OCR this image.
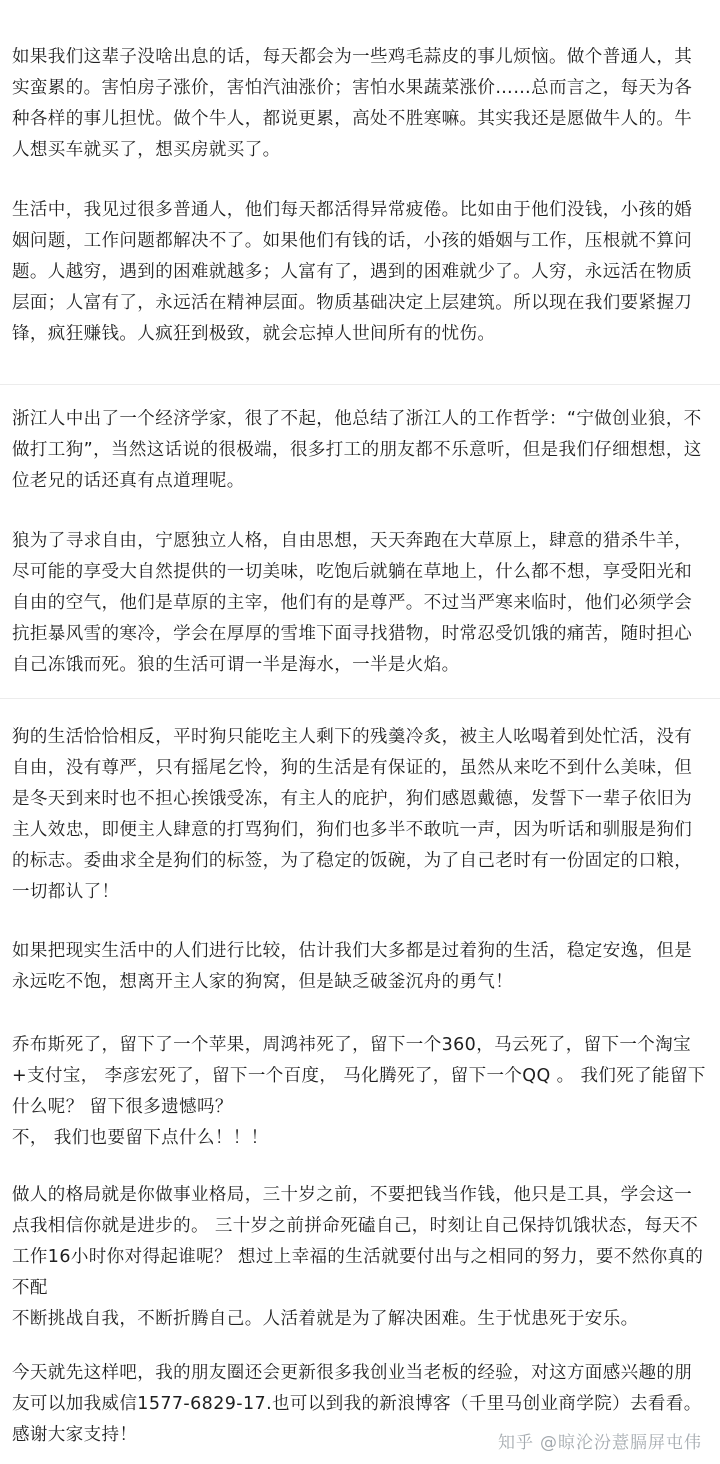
如果我们这辈子没啥出息的话，每天都会为一些鸡毛蒜皮的事儿烦恼。做个普通人，其实蛮累的。害怕房子涨价，害怕汽油涨价；害怕水果蔬菜涨价……总而言之，每天为各种各样的事儿担忧。做个牛人，都说更累，高处不胜寒嘛。其实我还是愿做牛人的。牛人想买车就买了，想买房就买了。

生活中，我见过很多普通人，他们每天都活得异常疲倦。比如由于他们没钱，小孩的婚姻问题，工作问题都解决不了。如果他们有钱的话，小孩的婚姻与工作，压根就不算问题。人越穷，遇到的困难就越多；人富有了，遇到的困难就少了。人穷，永远活在物质层面；人富有了，永远活在精神层面。物质基础决定上层建筑。所以现在我们要紧握刀锋，疯狂赚钱。人疯狂到极致，就会忘掉人世间所有的忧伤。

浙江人中出了一个经济学家，很了不起，他总结了浙江人的工作哲学：“宁做创业狼，不做打工狗”，当然这话说的很极端，很多打工的朋友都不乐意听，但是我们仔细想想，这位老兄的话还真有点道理呢。

狼为了寻求自由，宁愿独立人格，自由思想，天天奔跑在大草原上，肆意的猎杀牛羊，尽可能的享受大自然提供的一切美味，吃饱后就躺在草地上，什么都不想，享受阳光和自由的空气，他们是草原的主宰，他们有的是尊严。不过当严寒来临时，他们必须学会抗拒暴风雪的寒冷，学会在厚厚的雪堆下面寻找猎物，时常忍受饥饿的痛苦，随时担心自己冻饿而死。狼的生活可谓一半是海水，一半是火焰。

狗的生活恰恰相反，平时狗只能吃主人剩下的残羹冷炙，被主人吆喝着到处忙活，没有自由，没有尊严，只有摇尾乞怜，狗的生活是有保证的，虽然从来吃不到什么美味，但是冬天到来时也不担心挨饿受冻，有主人的庇护，狗们感恩戴德，发誓下一辈子依旧为主人效忠，即便主人肆意的打骂狗们，狗们也多半不敢吭一声，因为听话和驯服是狗们的标志。委曲求全是狗们的标签，为了稳定的饭碗，为了自己老时有一份固定的口粮，一切都认了！

如果把现实生活中的人们进行比较，估计我们大多都是过着狗的生活，稳定安逸，但是永远吃不饱，想离开主人家的狗窝，但是缺乏破釜沉舟的勇气！

乔布斯死了，留下了一个苹果，周鸿祎死了，留下一个360，马云死了，留下一个淘宝+支付宝， 李彦宏死了，留下一个百度， 马化腾死了，留下一个QQ 。 我们死了能留下什么呢？ 留下很多遗憾吗？

不， 我们也要留下点什么！！！

做人的格局就是你做事业格局，三十岁之前，不要把钱当作钱，他只是工具，学会这一点我相信你就是进步的。 三十岁之前拼命死磕自己，时刻让自己保持饥饿状态，每天不工作16小时你对得起谁呢？ 想过上幸福的生活就要付出与之相同的努力，要不然你真的不配

不断挑战自我，不断折腾自己。人活着就是为了解决困难。生于忧患死于安乐。

今天就先这样吧，我的朋友圈还会更新很多我创业当老板的经验，对这方面感兴趣的朋友可以加我威信1577-6829-17.也可以到我的新浪博客（千里马创业商学院）去看看。感谢大家支持！	知乎 @晾沦汾薏膈屏屯伟
